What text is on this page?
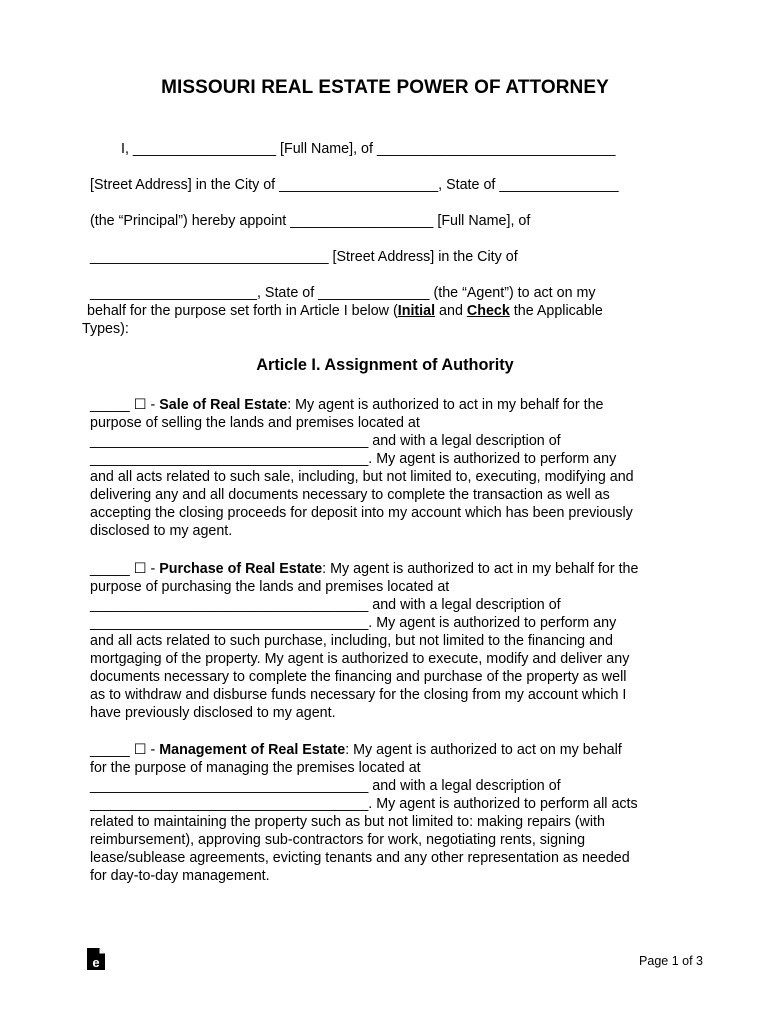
MISSOURI REAL ESTATE POWER OF ATTORNEY
I, __________________ [Full Name], of ______________________________
[Street Address] in the City of ____________________, State of _______________
(the “Principal”) hereby appoint __________________ [Full Name], of
______________________________ [Street Address] in the City of
_____________________, State of ______________ (the “Agent”) to act on my
behalf for the purpose set forth in Article I below (Initial and Check the Applicable
Types):
Article I. Assignment of Authority
_____ ☐ - Sale of Real Estate: My agent is authorized to act in my behalf for the
purpose of selling the lands and premises located at
___________________________________ and with a legal description of
___________________________________. My agent is authorized to perform any
and all acts related to such sale, including, but not limited to, executing, modifying and
delivering any and all documents necessary to complete the transaction as well as
accepting the closing proceeds for deposit into my account which has been previously
disclosed to my agent.
_____ ☐ - Purchase of Real Estate: My agent is authorized to act in my behalf for the
purpose of purchasing the lands and premises located at
___________________________________ and with a legal description of
___________________________________. My agent is authorized to perform any
and all acts related to such purchase, including, but not limited to the financing and
mortgaging of the property. My agent is authorized to execute, modify and deliver any
documents necessary to complete the financing and purchase of the property as well
as to withdraw and disburse funds necessary for the closing from my account which I
have previously disclosed to my agent.
_____ ☐ - Management of Real Estate: My agent is authorized to act on my behalf
for the purpose of managing the premises located at
___________________________________ and with a legal description of
___________________________________. My agent is authorized to perform all acts
related to maintaining the property such as but not limited to: making repairs (with
reimbursement), approving sub-contractors for work, negotiating rents, signing
lease/sublease agreements, evicting tenants and any other representation as needed
for day-to-day management.
e	Page 1 of 3
